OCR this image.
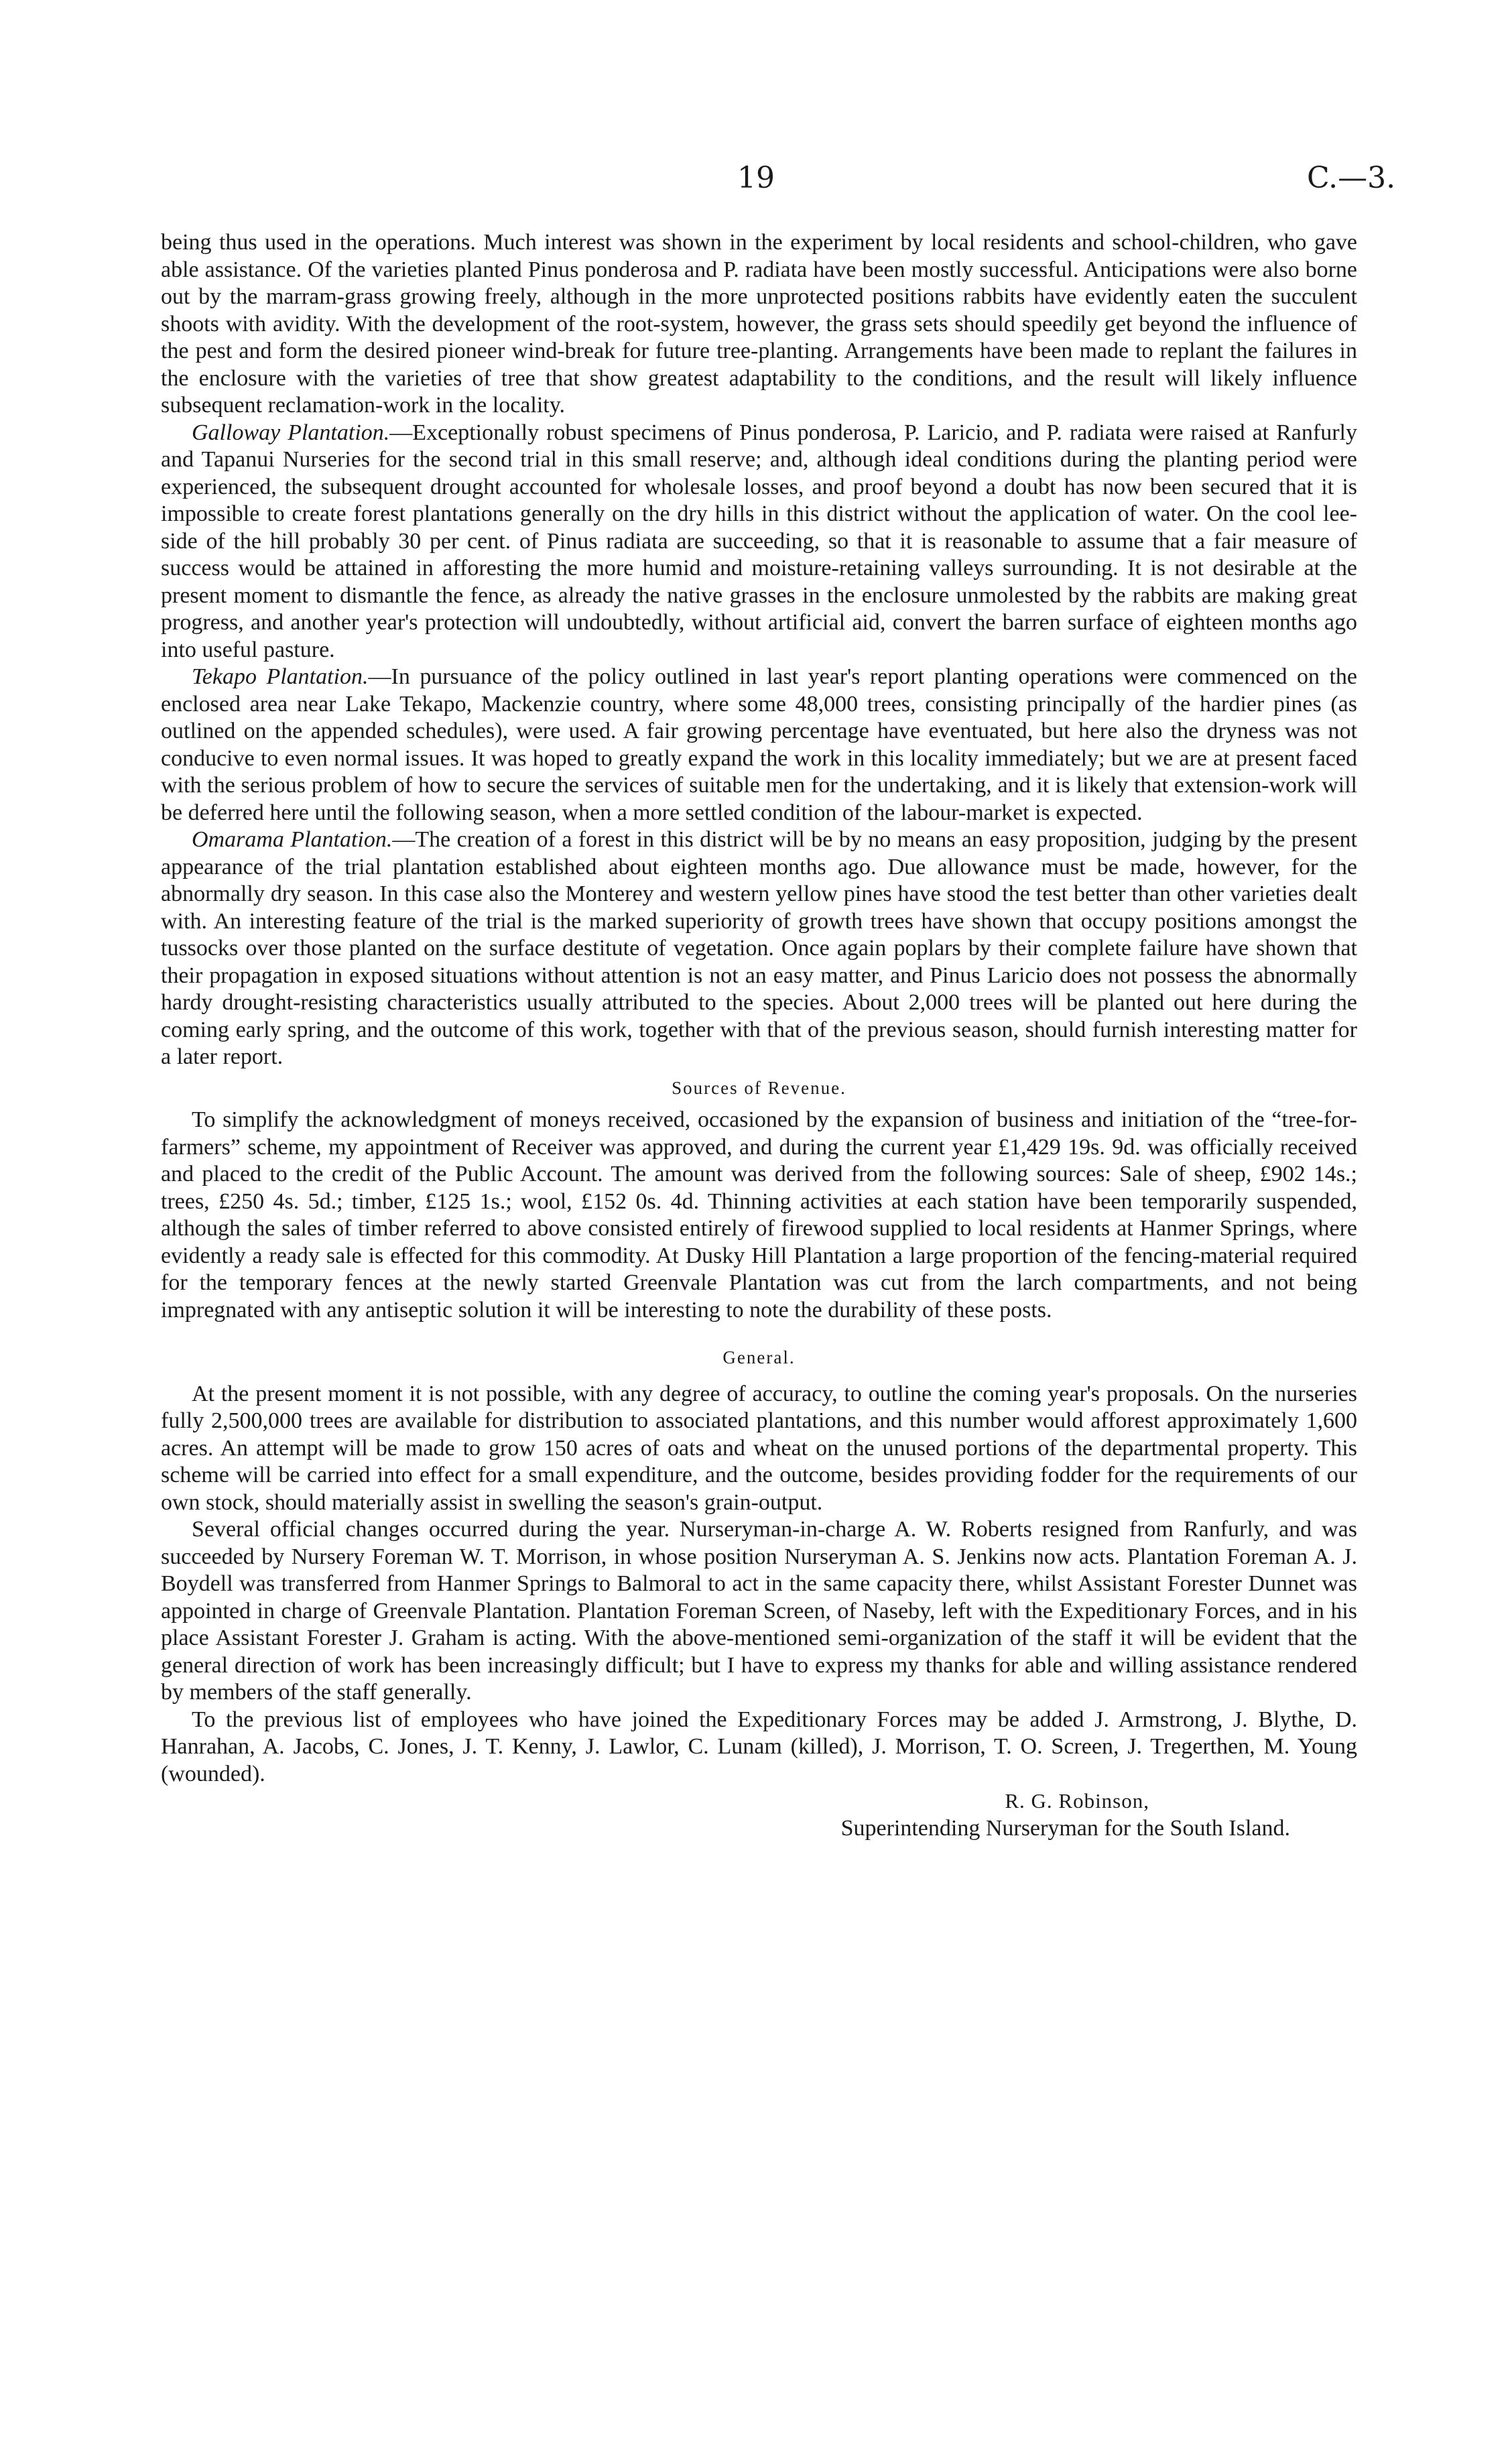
19	C.—3.

being thus used in the operations. Much interest was shown in the experiment by local residents and school-children, who gave able assistance. Of the varieties planted Pinus ponderosa and P. radiata have been mostly successful. Anticipations were also borne out by the marram-grass growing freely, although in the more unprotected positions rabbits have evidently eaten the succulent shoots with avidity. With the development of the root-system, however, the grass sets should speedily get beyond the influence of the pest and form the desired pioneer wind-break for future tree-planting. Arrangements have been made to replant the failures in the enclosure with the varieties of tree that show greatest adaptability to the conditions, and the result will likely influence subsequent reclamation-work in the locality.

Galloway Plantation.—Exceptionally robust specimens of Pinus ponderosa, P. Laricio, and P. radiata were raised at Ranfurly and Tapanui Nurseries for the second trial in this small reserve; and, although ideal conditions during the planting period were experienced, the subsequent drought accounted for wholesale losses, and proof beyond a doubt has now been secured that it is impossible to create forest plantations generally on the dry hills in this district without the application of water. On the cool lee-side of the hill probably 30 per cent. of Pinus radiata are succeeding, so that it is reasonable to assume that a fair measure of success would be attained in afforesting the more humid and moisture-retaining valleys surrounding. It is not desirable at the present moment to dismantle the fence, as already the native grasses in the enclosure unmolested by the rabbits are making great progress, and another year's protection will undoubtedly, without artificial aid, convert the barren surface of eighteen months ago into useful pasture.

Tekapo Plantation.—In pursuance of the policy outlined in last year's report planting operations were commenced on the enclosed area near Lake Tekapo, Mackenzie country, where some 48,000 trees, consisting principally of the hardier pines (as outlined on the appended schedules), were used. A fair growing percentage have eventuated, but here also the dryness was not conducive to even normal issues. It was hoped to greatly expand the work in this locality immediately; but we are at present faced with the serious problem of how to secure the services of suitable men for the undertaking, and it is likely that extension-work will be deferred here until the following season, when a more settled condition of the labour-market is expected.

Omarama Plantation.—The creation of a forest in this district will be by no means an easy proposition, judging by the present appearance of the trial plantation established about eighteen months ago. Due allowance must be made, however, for the abnormally dry season. In this case also the Monterey and western yellow pines have stood the test better than other varieties dealt with. An interesting feature of the trial is the marked superiority of growth trees have shown that occupy positions amongst the tussocks over those planted on the surface destitute of vegetation. Once again poplars by their complete failure have shown that their propagation in exposed situations without attention is not an easy matter, and Pinus Laricio does not possess the abnormally hardy drought-resisting characteristics usually attributed to the species. About 2,000 trees will be planted out here during the coming early spring, and the outcome of this work, together with that of the previous season, should furnish interesting matter for a later report.

Sources of Revenue.

To simplify the acknowledgment of moneys received, occasioned by the expansion of business and initiation of the “tree-for-farmers” scheme, my appointment of Receiver was approved, and during the current year £1,429 19s. 9d. was officially received and placed to the credit of the Public Account. The amount was derived from the following sources: Sale of sheep, £902 14s.; trees, £250 4s. 5d.; timber, £125 1s.; wool, £152 0s. 4d. Thinning activities at each station have been temporarily suspended, although the sales of timber referred to above consisted entirely of firewood supplied to local residents at Hanmer Springs, where evidently a ready sale is effected for this commodity. At Dusky Hill Plantation a large proportion of the fencing-material required for the temporary fences at the newly started Greenvale Plantation was cut from the larch compartments, and not being impregnated with any antiseptic solution it will be interesting to note the durability of these posts.

General.

At the present moment it is not possible, with any degree of accuracy, to outline the coming year's proposals. On the nurseries fully 2,500,000 trees are available for distribution to associated plantations, and this number would afforest approximately 1,600 acres. An attempt will be made to grow 150 acres of oats and wheat on the unused portions of the departmental property. This scheme will be carried into effect for a small expenditure, and the outcome, besides providing fodder for the requirements of our own stock, should materially assist in swelling the season's grain-output.

Several official changes occurred during the year. Nurseryman-in-charge A. W. Roberts resigned from Ranfurly, and was succeeded by Nursery Foreman W. T. Morrison, in whose position Nurseryman A. S. Jenkins now acts. Plantation Foreman A. J. Boydell was transferred from Hanmer Springs to Balmoral to act in the same capacity there, whilst Assistant Forester Dunnet was appointed in charge of Greenvale Plantation. Plantation Foreman Screen, of Naseby, left with the Expeditionary Forces, and in his place Assistant Forester J. Graham is acting. With the above-mentioned semi-organization of the staff it will be evident that the general direction of work has been increasingly difficult; but I have to express my thanks for able and willing assistance rendered by members of the staff generally.

To the previous list of employees who have joined the Expeditionary Forces may be added J. Armstrong, J. Blythe, D. Hanrahan, A. Jacobs, C. Jones, J. T. Kenny, J. Lawlor, C. Lunam (killed), J. Morrison, T. O. Screen, J. Tregerthen, M. Young (wounded).

R. G. Robinson,
Superintending Nurseryman for the South Island.
